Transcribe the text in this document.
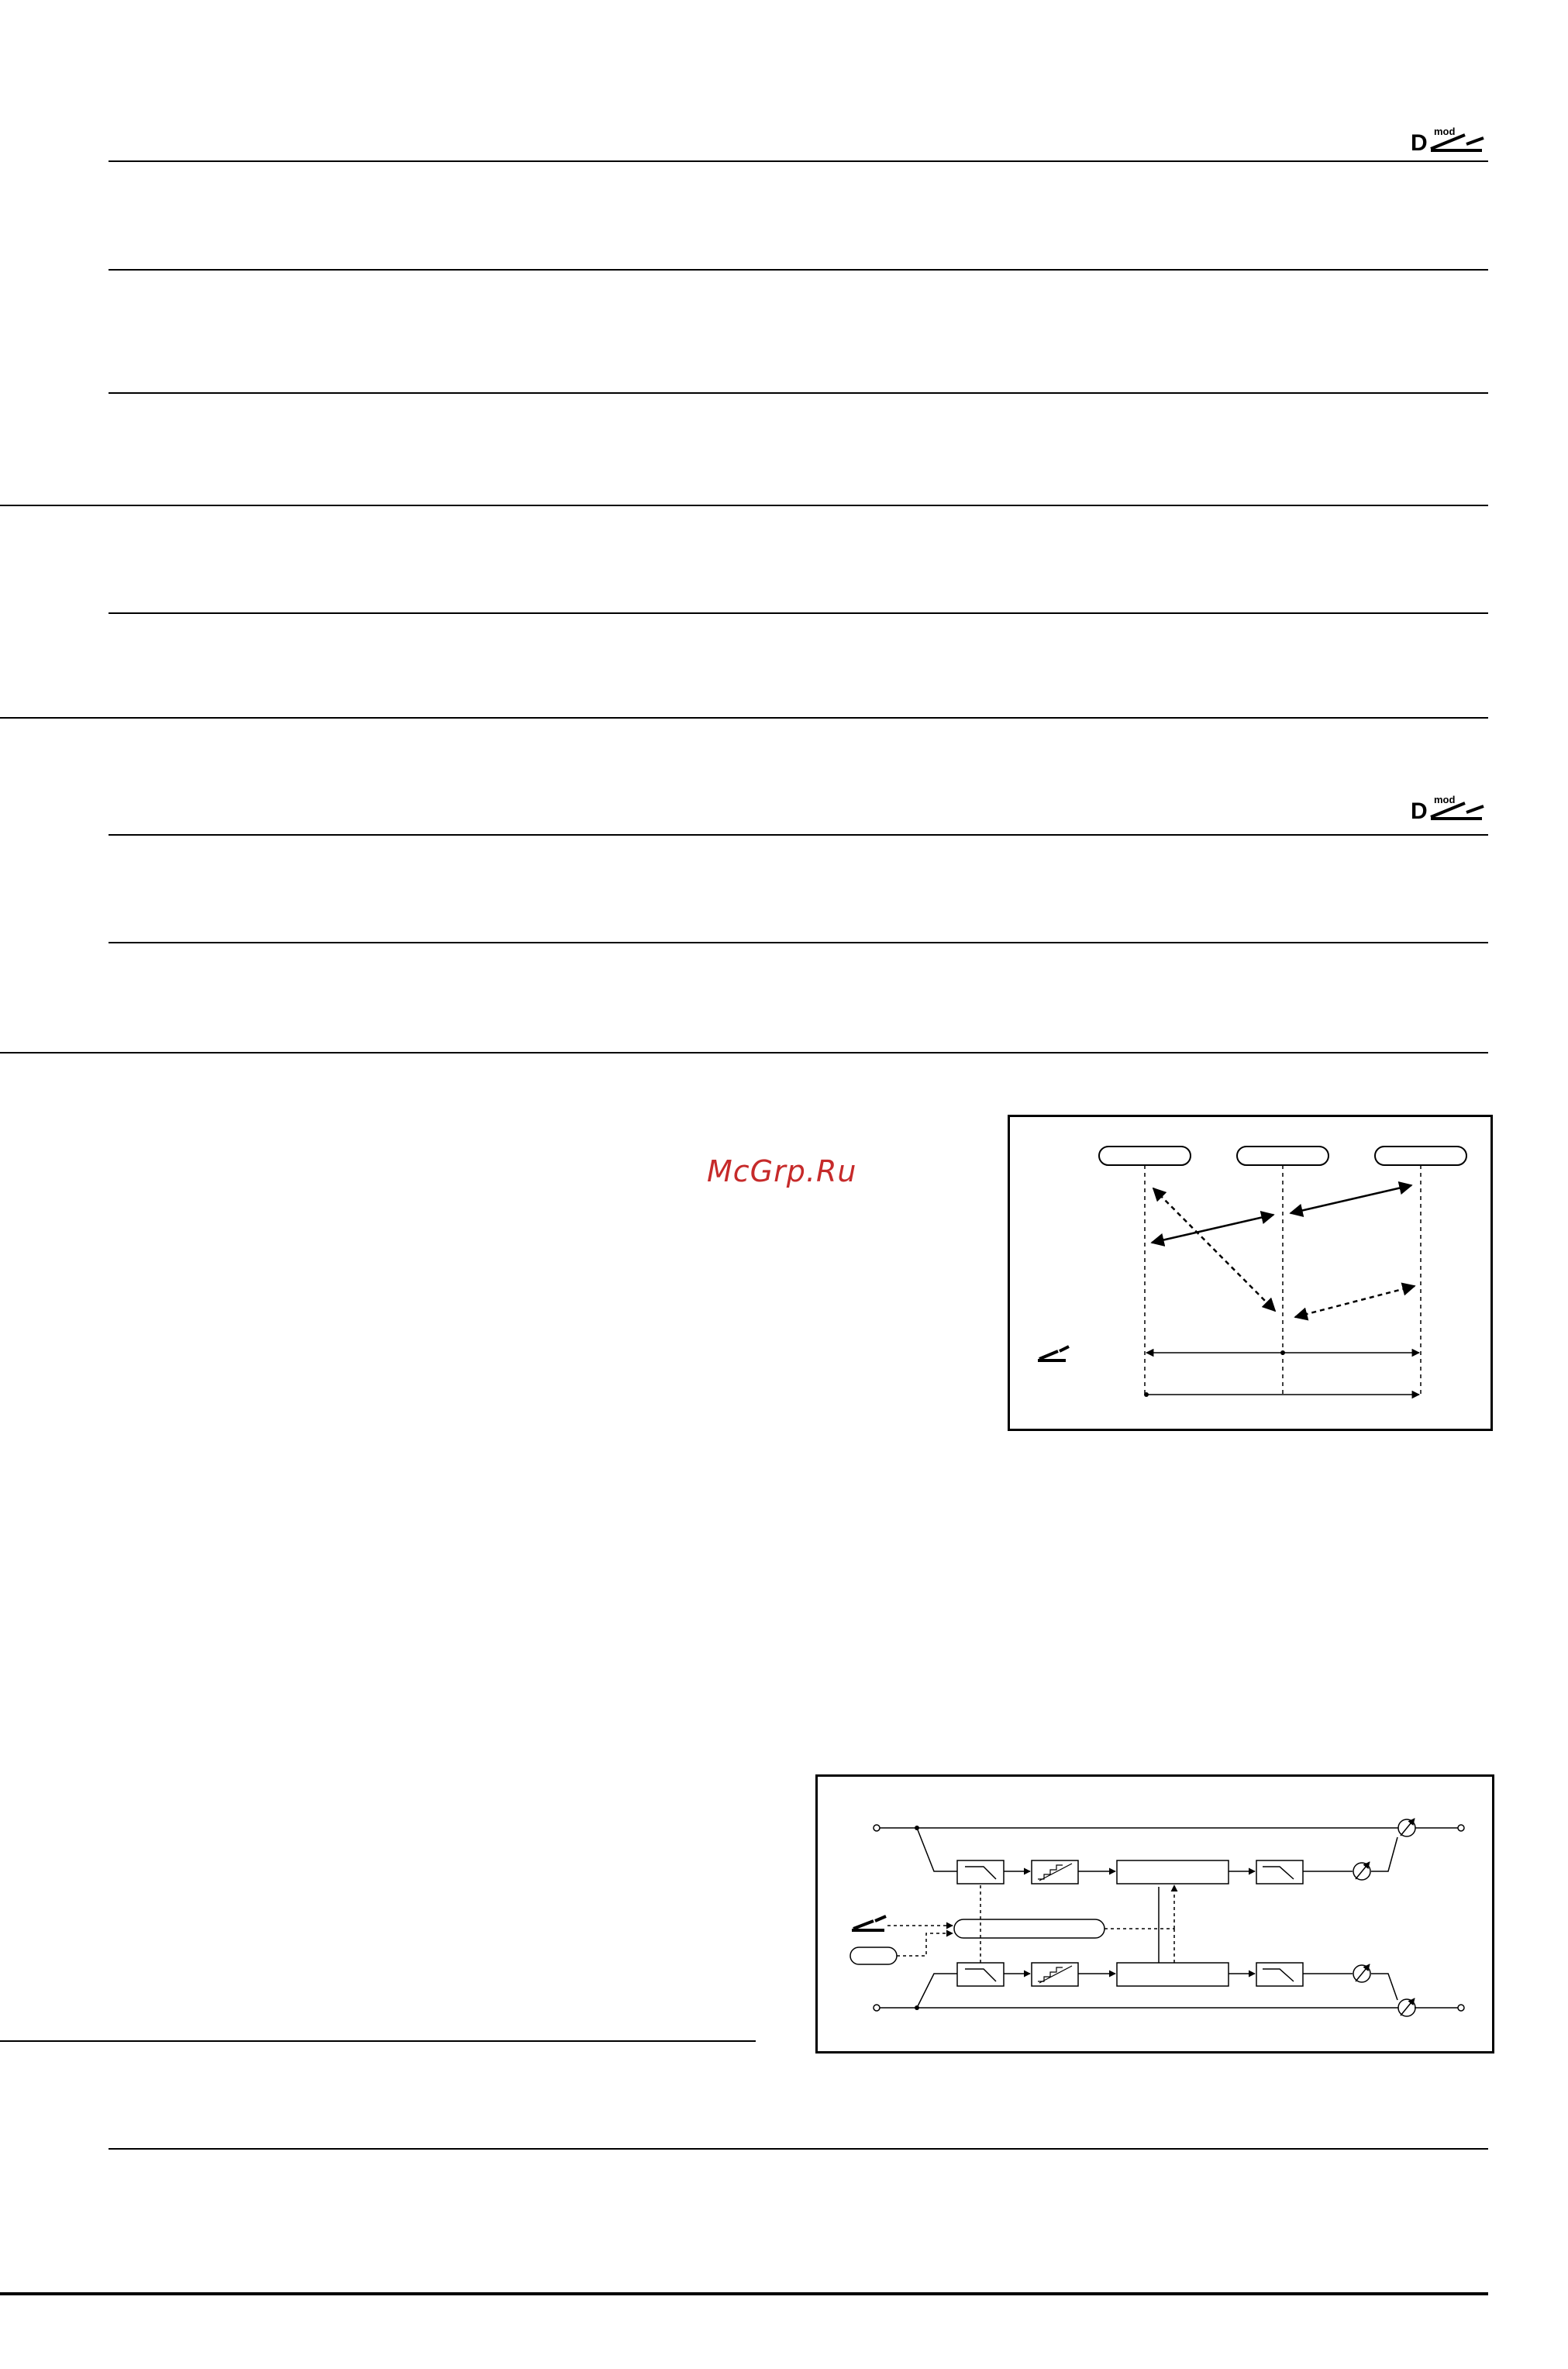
D mod
D mod
McGrp.Ru
